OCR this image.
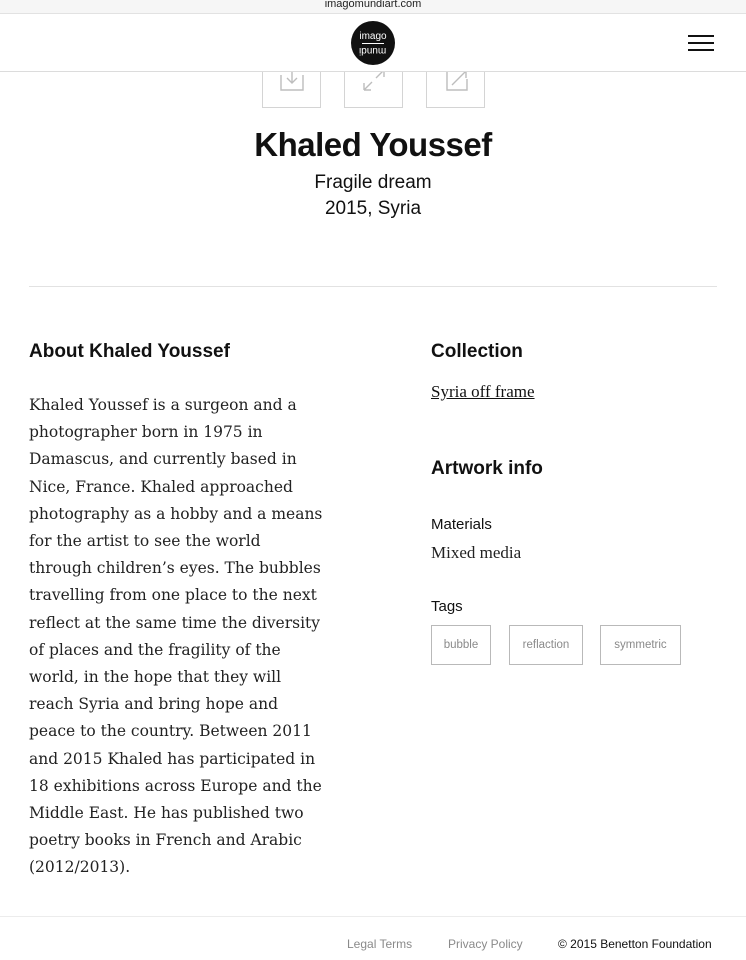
imagomundiart.com
imago
mundi
Khaled Youssef
Fragile dream
2015, Syria
About Khaled Youssef
Khaled Youssef is a surgeon and a photographer born in 1975 in Damascus, and currently based in Nice, France. Khaled approached photography as a hobby and a means for the artist to see the world through children’s eyes. The bubbles travelling from one place to the next reflect at the same time the diversity of places and the fragility of the world, in the hope that they will reach Syria and bring hope and peace to the country. Between 2011 and 2015 Khaled has participated in 18 exhibitions across Europe and the Middle East. He has published two poetry books in French and Arabic (2012/2013).
Collection
Syria off frame
Artwork info
Materials
Mixed media
Tags
bubble	reflaction	symmetric
Legal Terms	Privacy Policy	© 2015 Benetton Foundation
